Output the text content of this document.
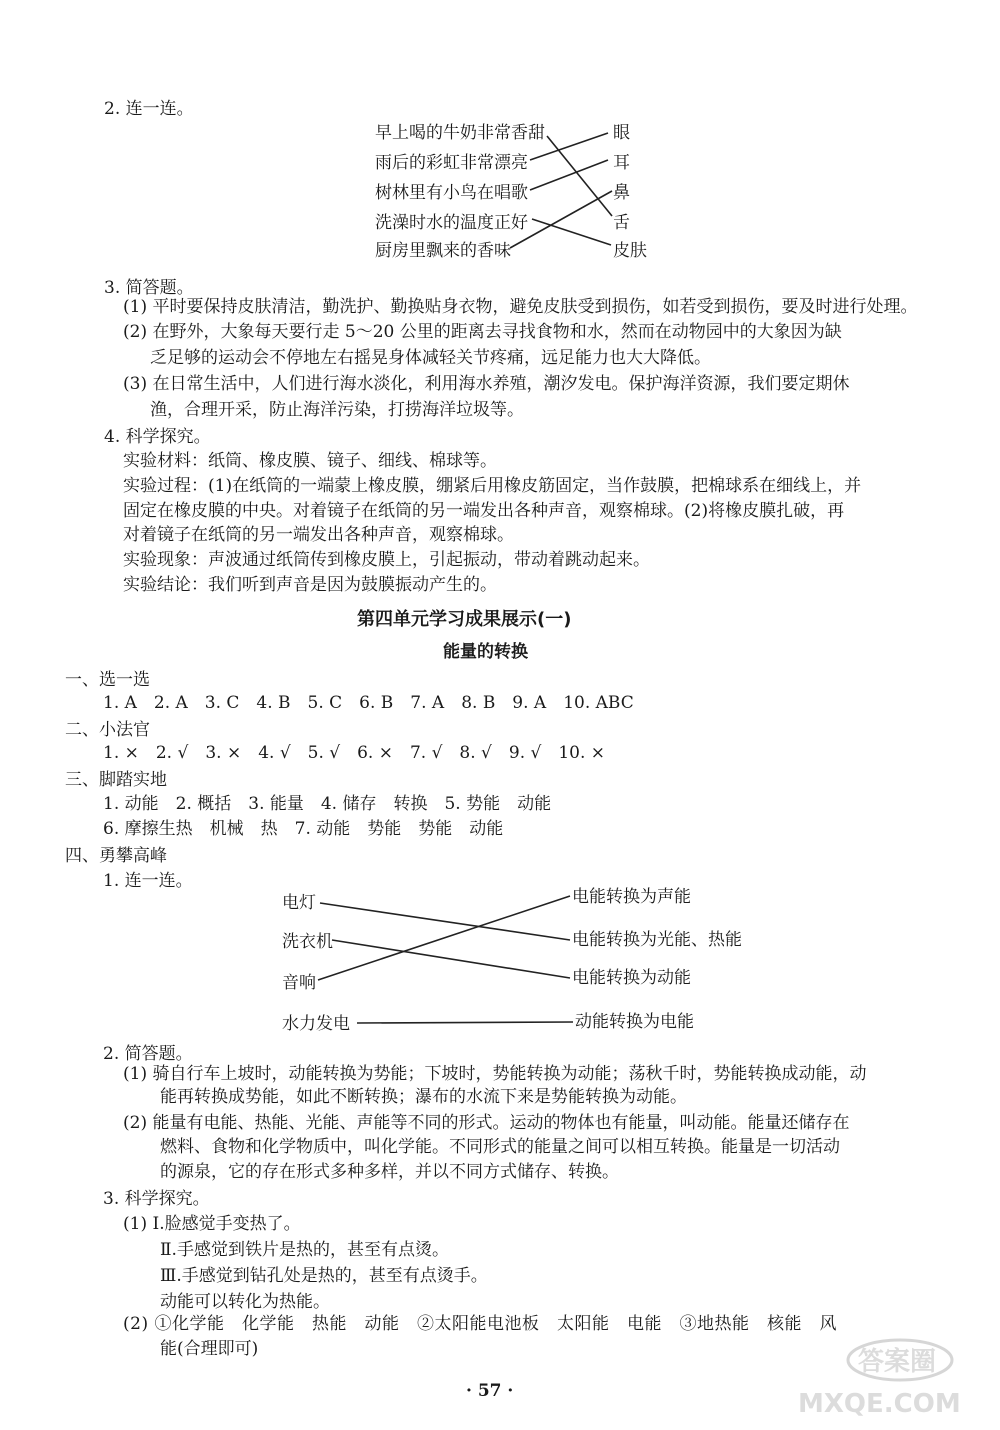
2. 连一连。
早上喝的牛奶非常香甜
雨后的彩虹非常漂亮
树林里有小鸟在唱歌
洗澡时水的温度正好
厨房里飘来的香味
眼
耳
鼻
舌
皮肤
3. 简答题。
(1) 平时要保持皮肤清洁，勤洗护、勤换贴身衣物，避免皮肤受到损伤，如若受到损伤，要及时进行处理。
(2) 在野外，大象每天要行走 5～20 公里的距离去寻找食物和水，然而在动物园中的大象因为缺
乏足够的运动会不停地左右摇晃身体减轻关节疼痛，远足能力也大大降低。
(3) 在日常生活中，人们进行海水淡化，利用海水养殖，潮汐发电。保护海洋资源，我们要定期休
渔，合理开采，防止海洋污染，打捞海洋垃圾等。
4. 科学探究。
实验材料：纸筒、橡皮膜、镜子、细线、棉球等。
实验过程：(1)在纸筒的一端蒙上橡皮膜，绷紧后用橡皮筋固定，当作鼓膜，把棉球系在细线上，并
固定在橡皮膜的中央。对着镜子在纸筒的另一端发出各种声音，观察棉球。(2)将橡皮膜扎破，再
对着镜子在纸筒的另一端发出各种声音，观察棉球。
实验现象：声波通过纸筒传到橡皮膜上，引起振动，带动着跳动起来。
实验结论：我们听到声音是因为鼓膜振动产生的。
第四单元学习成果展示(一)
能量的转换
一、选一选
1. A　2. A　3. C　4. B　5. C　6. B　7. A　8. B　9. A　10. ABC
二、小法官
1. ×　2. √　3. ×　4. √　5. √　6. ×　7. √　8. √　9. √　10. ×
三、脚踏实地
1. 动能　2. 概括　3. 能量　4. 储存　转换　5. 势能　动能
6. 摩擦生热　机械　热　7. 动能　势能　势能　动能
四、勇攀高峰
1. 连一连。
电灯
洗衣机
音响
水力发电
电能转换为声能
电能转换为光能、热能
电能转换为动能
动能转换为电能
2. 简答题。
(1) 骑自行车上坡时，动能转换为势能；下坡时，势能转换为动能；荡秋千时，势能转换成动能，动
能再转换成势能，如此不断转换；瀑布的水流下来是势能转换为动能。
(2) 能量有电能、热能、光能、声能等不同的形式。运动的物体也有能量，叫动能。能量还储存在
燃料、食物和化学物质中，叫化学能。不同形式的能量之间可以相互转换。能量是一切活动
的源泉，它的存在形式多种多样，并以不同方式储存、转换。
3. 科学探究。
(1) Ⅰ.脸感觉手变热了。
Ⅱ.手感觉到铁片是热的，甚至有点烫。
Ⅲ.手感觉到钻孔处是热的，甚至有点烫手。
动能可以转化为热能。
(2) ①化学能　化学能　热能　动能　②太阳能电池板　太阳能　电能　③地热能　核能　风
能(合理即可)
· 57 ·
答案圈
MXQE.COM
